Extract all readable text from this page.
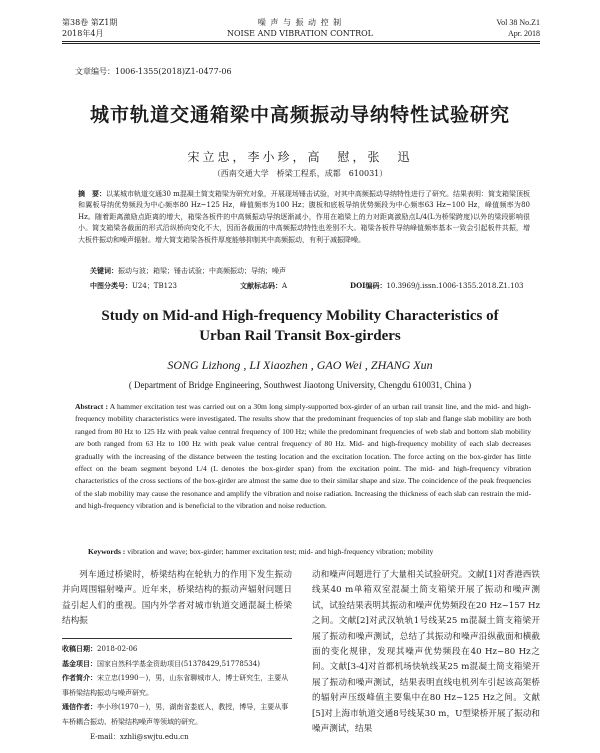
第38卷 第Z1期
2018年4月
噪 声 与 振 动 控 制
NOISE AND VIBRATION CONTROL
Vol 38 No.Z1
Apr. 2018
文章编号：1006-1355(2018)Z1-0477-06
城市轨道交通箱梁中高频振动导纳特性试验研究
宋立忠，李小珍，高　慰，张　迅
（西南交通大学　桥梁工程系，成都　610031）
摘　要：以某城市轨道交通30 m混凝土简支箱梁为研究对象，开展现场锤击试验，对其中高频振动导纳特性进行了研究。结果表明：简支箱梁顶板和翼板导纳优势频段为中心频率80 Hz~125 Hz，峰值频率为100 Hz；腹板和底板导纳优势频段为中心频率63 Hz~100 Hz，峰值频率为80 Hz。随着距离激励点距离的增大，箱梁各板件的中高频振动导纳逐渐减小，作用在箱梁上的力对距离激励点L/4(L为桥梁跨度)以外的梁段影响很小。简支箱梁各截面的形式沿纵桥向变化不大，因而各截面的中高频振动特性也差别不大。箱梁各板件导纳峰值频率基本一致会引起板件共振，增大板件振动和噪声辐射。增大简支箱梁各板件厚度能够抑制其中高频振动，有利于减振降噪。
关键词：振动与波；箱梁；锤击试验；中高频振动；导纳；噪声
中图分类号：U24；TB123	文献标志码：A	DOI编码：10.3969/j.issn.1006-1355.2018.Z1.103
Study on Mid-and High-frequency Mobility Characteristics of
Urban Rail Transit Box-girders
SONG Lizhong , LI Xiaozhen , GAO Wei , ZHANG Xun
( Department of Bridge Engineering, Southwest Jiaotong University, Chengdu 610031, China )
Abstract : A hammer excitation test was carried out on a 30m long simply-supported box-girder of an urban rail transit line, and the mid- and high-frequency mobility characteristics were investigated. The results show that the predominant frequencies of top slab and flange slab mobility are both ranged from 80 Hz to 125 Hz with peak value central frequency of 100 Hz; while the predominant frequencies of web slab and bottom slab mobility are both ranged from 63 Hz to 100 Hz with peak value central frequency of 80 Hz. Mid- and high-frequency mobility of each slab decreases gradually with the increasing of the distance between the testing location and the excitation location. The force acting on the box-girder has little effect on the beam segment beyond L/4 (L denotes the box-girder span) from the excitation point. The mid- and high-frequency vibration characteristics of the cross sections of the box-girder are almost the same due to their similar shape and size. The coincidence of the peak frequencies of the slab mobility may cause the resonance and amplify the vibration and noise radiation. Increasing the thickness of each slab can restrain the mid- and high-frequency vibration and is beneficial to the vibration and noise reduction.
Keywords : vibration and wave; box-girder; hammer excitation test; mid- and high-frequency vibration; mobility
列车通过桥梁时，桥梁结构在轮轨力的作用下发生振动并向周围辐射噪声。近年来，桥梁结构的振动声辐射问题日益引起人们的重视。国内外学者对城市轨道交通混凝土桥梁结构振
收稿日期：2018-02-06
基金项目：国家自然科学基金资助项目(51378429,51778534)
作者简介：宋立忠(1990－)，男，山东省聊城市人，博士研究生，主要从事桥梁结构振动与噪声研究。
通信作者：李小珍(1970－)，男，湖南省娄底人，教授，博导，主要从事车桥耦合振动、桥梁结构噪声等领域的研究。
E-mail：xzhli@swjtu.edu.cn
动和噪声问题进行了大量相关试验研究。文献[1]对香港西铁线某40 m单箱双室混凝土简支箱梁开展了振动和噪声测试，试验结果表明其振动和噪声优势频段在20 Hz~157 Hz之间。文献[2]对武汉轨轨1号线某25 m混凝土简支箱梁开展了振动和噪声测试，总结了其振动和噪声沿纵截面和横截面的变化规律，发现其噪声优势频段在40 Hz~80 Hz之间。文献[3-4]对首都机场快轨线某25 m混凝土简支箱梁开展了振动和噪声测试，结果表明直线电机列车引起该高架桥的辐射声压级峰值主要集中在80 Hz~125 Hz之间。文献[5]对上海市轨道交通8号线某30 m，U型梁桥开展了振动和噪声测试，结果
